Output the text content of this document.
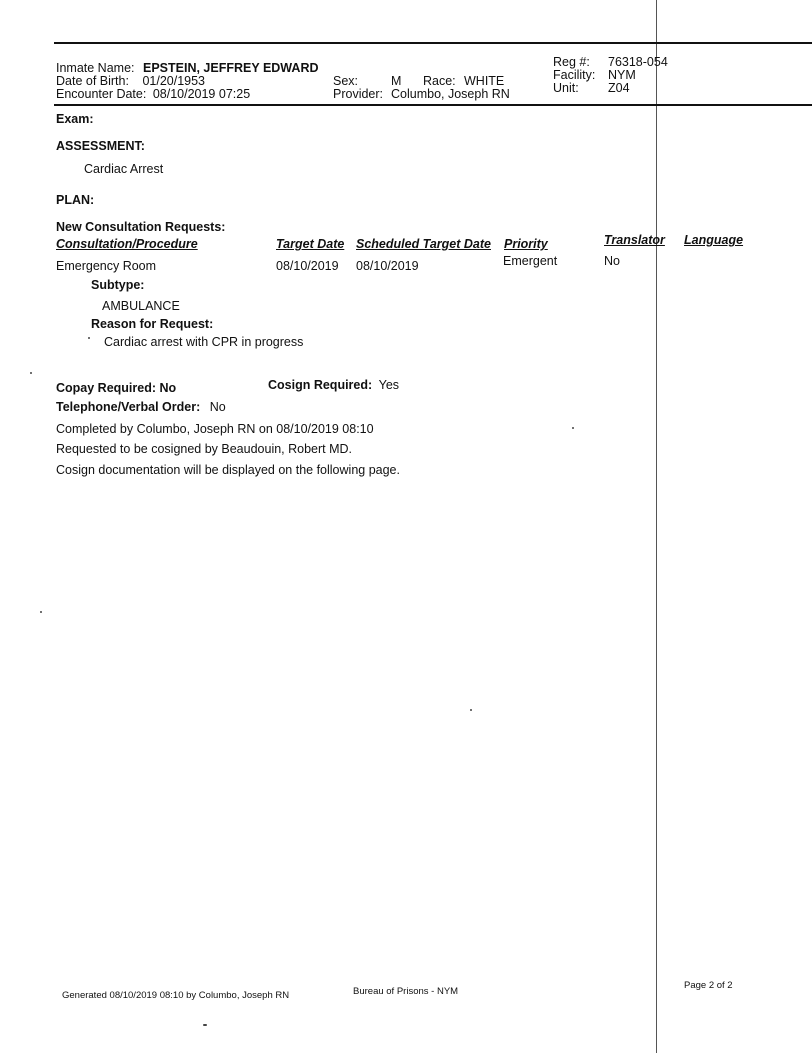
Inmate Name: EPSTEIN, JEFFREY EDWARD
Date of Birth: 01/20/1953
Encounter Date: 08/10/2019 07:25
Sex:	M Race: WHITE
Provider: Columbo, Joseph RN
Reg #: 76318-054
Facility: NYM
Unit: Z04
Exam:
ASSESSMENT:
Cardiac Arrest
PLAN:
New Consultation Requests:
Consultation/Procedure	Target Date Scheduled Target Date Priority	Translator Language
Emergency Room	08/10/2019 08/10/2019	Emergent	No
Subtype:
AMBULANCE
Reason for Request:
Cardiac arrest with CPR in progress
Copay Required: No	Cosign Required: Yes
Telephone/Verbal Order: No
Completed by Columbo, Joseph RN on 08/10/2019 08:10
Requested to be cosigned by Beaudouin, Robert MD.
Cosign documentation will be displayed on the following page.
Generated 08/10/2019 08:10 by Columbo, Joseph RN	Bureau of Prisons - NYM
Page 2 of 2
